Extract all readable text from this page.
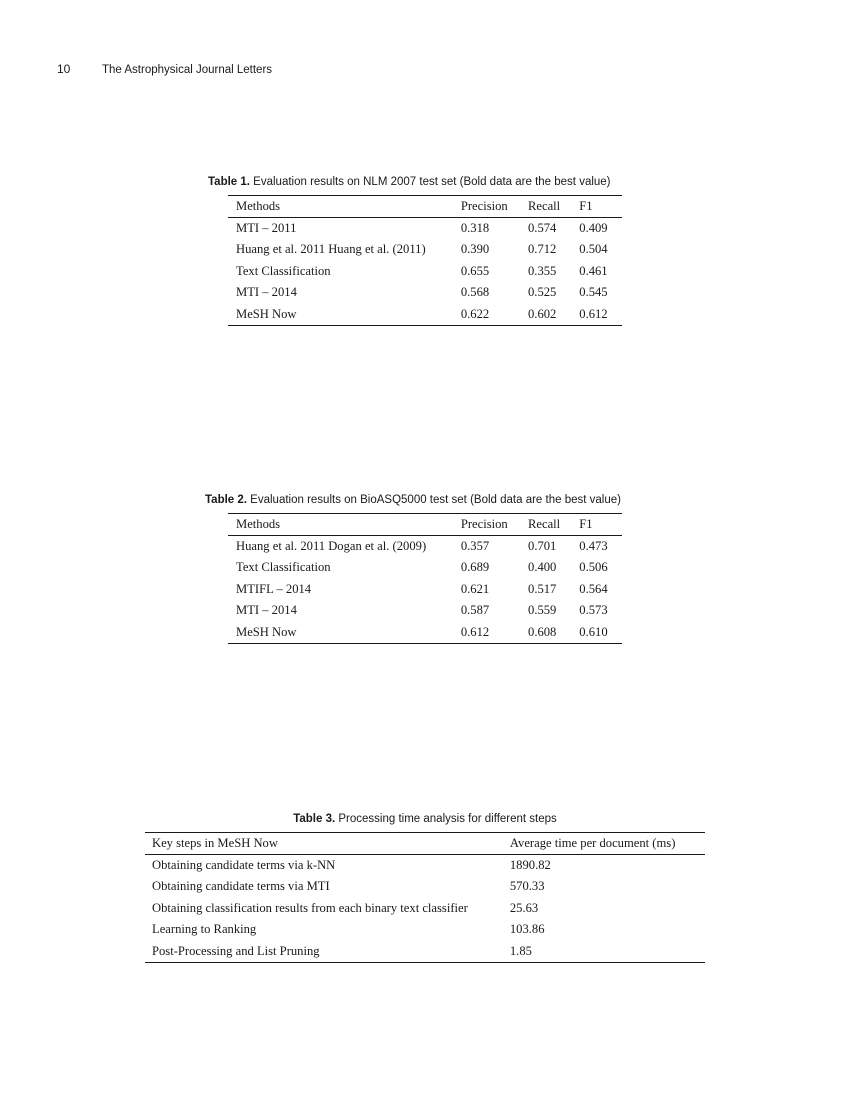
10	The Astrophysical Journal Letters
Table 1. Evaluation results on NLM 2007 test set (Bold data are the best value)
Methods	Precision	Recall	F1
MTI – 2011	0.318	0.574	0.409
Huang et al. 2011 Huang et al. (2011)	0.390	0.712	0.504
Text Classification	0.655	0.355	0.461
MTI – 2014	0.568	0.525	0.545
MeSH Now	0.622	0.602	0.612
Table 2. Evaluation results on BioASQ5000 test set (Bold data are the best value)
Methods	Precision	Recall	F1
Huang et al. 2011 Dogan et al. (2009)	0.357	0.701	0.473
Text Classification	0.689	0.400	0.506
MTIFL – 2014	0.621	0.517	0.564
MTI – 2014	0.587	0.559	0.573
MeSH Now	0.612	0.608	0.610
Table 3. Processing time analysis for different steps
Key steps in MeSH Now	Average time per document (ms)
Obtaining candidate terms via k-NN	1890.82
Obtaining candidate terms via MTI	570.33
Obtaining classification results from each binary text classifier	25.63
Learning to Ranking	103.86
Post-Processing and List Pruning	1.85
